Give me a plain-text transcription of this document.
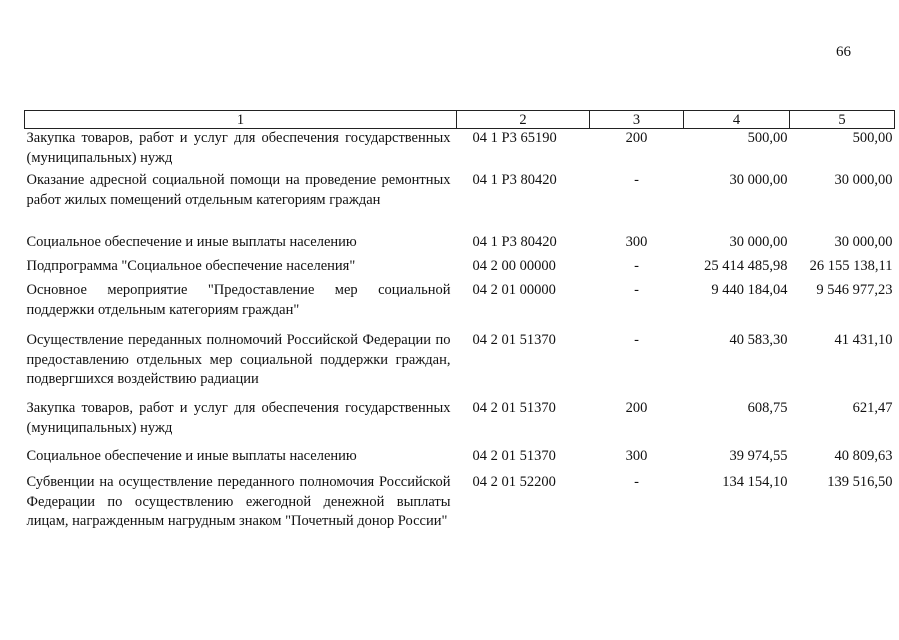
66
1	2	3	4	5
Закупка товаров, работ и услуг для обеспечения государственных (муниципальных) нужд	04 1 Р3 65190	200	500,00	500,00
Оказание адресной социальной помощи на проведение ремонтных работ жилых помещений отдельным категориям граждан	04 1 Р3 80420	-	30 000,00	30 000,00
Социальное обеспечение и иные выплаты населению	04 1 Р3 80420	300	30 000,00	30 000,00
Подпрограмма "Социальное обеспечение населения"	04 2 00 00000	-	25 414 485,98	26 155 138,11
Основное мероприятие "Предоставление мер социальной поддержки отдельным категориям граждан"	04 2 01 00000	-	9 440 184,04	9 546 977,23
Осуществление переданных полномочий Российской Федерации по предоставлению отдельных мер социальной поддержки граждан, подвергшихся воздействию радиации	04 2 01 51370	-	40 583,30	41 431,10
Закупка товаров, работ и услуг для обеспечения государственных (муниципальных) нужд	04 2 01 51370	200	608,75	621,47
Социальное обеспечение и иные выплаты населению	04 2 01 51370	300	39 974,55	40 809,63
Субвенции на осуществление переданного полномочия Российской Федерации по осуществлению ежегодной денежной выплаты лицам, награжденным нагрудным знаком "Почетный донор России"	04 2 01 52200	-	134 154,10	139 516,50
